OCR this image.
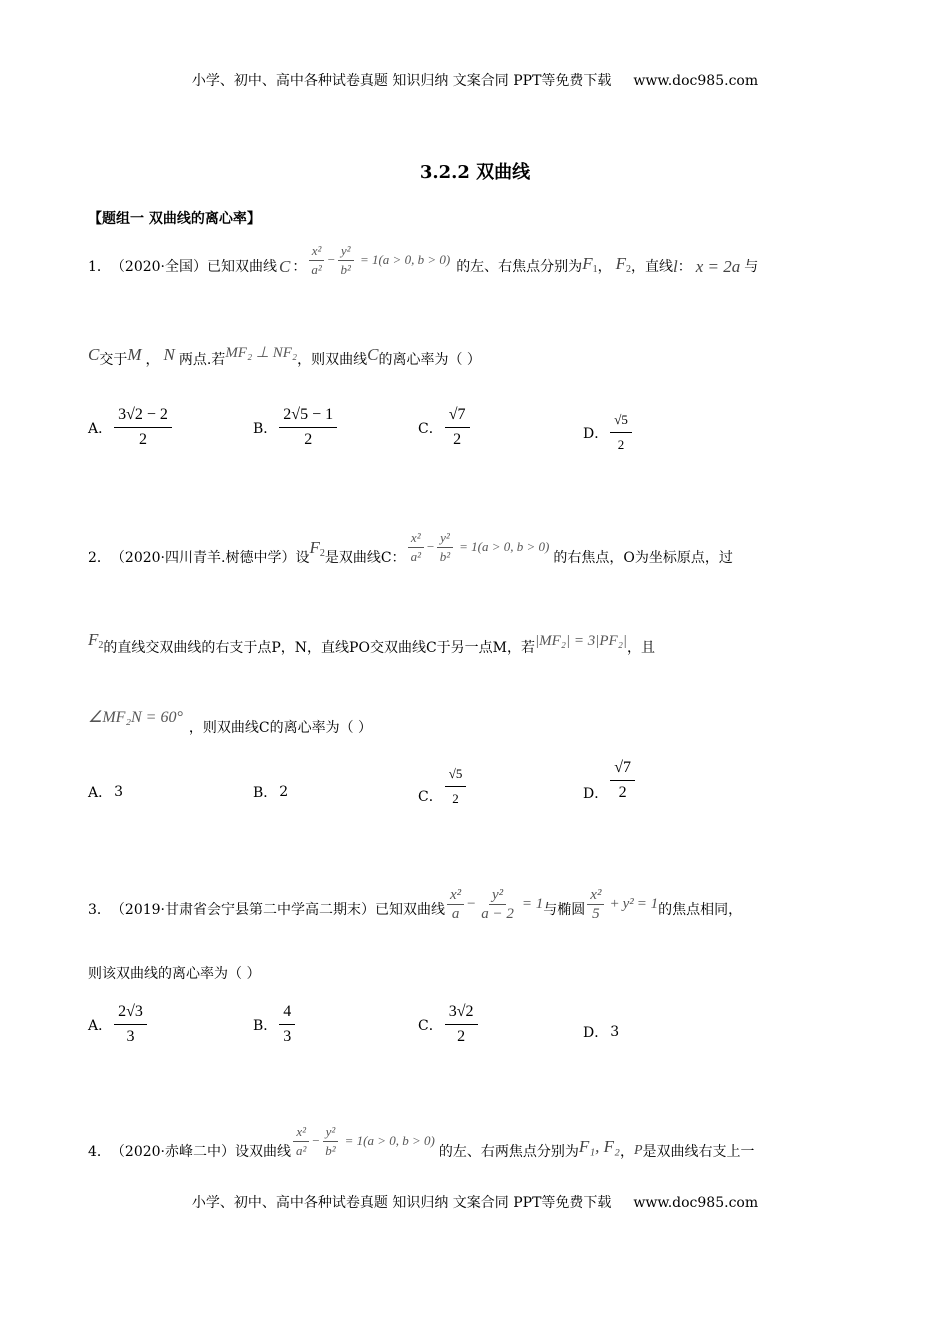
小学、初中、高中各种试卷真题 知识归纳 文案合同 PPT等免费下载 www.doc985.com
3.2.2 双曲线
【题组一 双曲线的离心率】
1． （2020·全国）已知双曲线 C ： $\frac{\text{x²}}{\text{a²}} - \frac{\text{y²}}{\text{b²}} = 1(a > 0$, b > 0) 的左、右焦点分别为 $F_1$ ， $F_2$ ，直线 l ： x = 2a 与
C 交于 M ， N 两点.若 MF₂ ⊥ NF₂ ，则双曲线 C 的离心率为（ ）
A． $\frac{3√2 - 2}{2}$	B． $\frac{2√5 - 1}{2}$	C． $\frac{√7}{2}$	D． $\frac{√5}{2}$
2． （2020·四川青羊.树德中学）设
$F_2$ 是双曲线C： $\frac{\text{x²}}{\text{a²}} - \frac{\text{y²}}{\text{b²}} = 1(a > 0$, b > 0)
的右焦点，O为坐标原点，过
$F_2$ 的直线交双曲线的右支于点P，N，直线PO交双曲线C于另一点M，若 |MF₂| = 3|PF₂| ，且
∠MF₂N = 60°
，则双曲线C的离心率为（ ）
A． 3	B． 2	C． $\frac{√5}{2}$	D． $\frac{√7}{2}$
3． （2019·甘肃省会宁县第二中学高二期末）已知双曲线 $\frac{\text{x²}}{a} - \frac{\text{y²}}{a - 2} = 1$ 与椭圆 $\frac{\text{x²}}{5} + y^2 = 1$ 的焦点相同，
则该双曲线的离心率为（ ）
A． $\frac{2√3}{3}$	B． $\frac{4}{3}$	C． $\frac{3√2}{2}$	D． 3
4． （2020·赤峰二中）设双曲线 $\frac{\text{x²}}{\text{a²}} - \frac{\text{y²}}{\text{b²}} = 1(a > 0$, b > 0)
的左、右两焦点分别为 F₁, F₂ ， P 是双曲线右支上一
小学、初中、高中各种试卷真题 知识归纳 文案合同 PPT等免费下载 www.doc985.com
